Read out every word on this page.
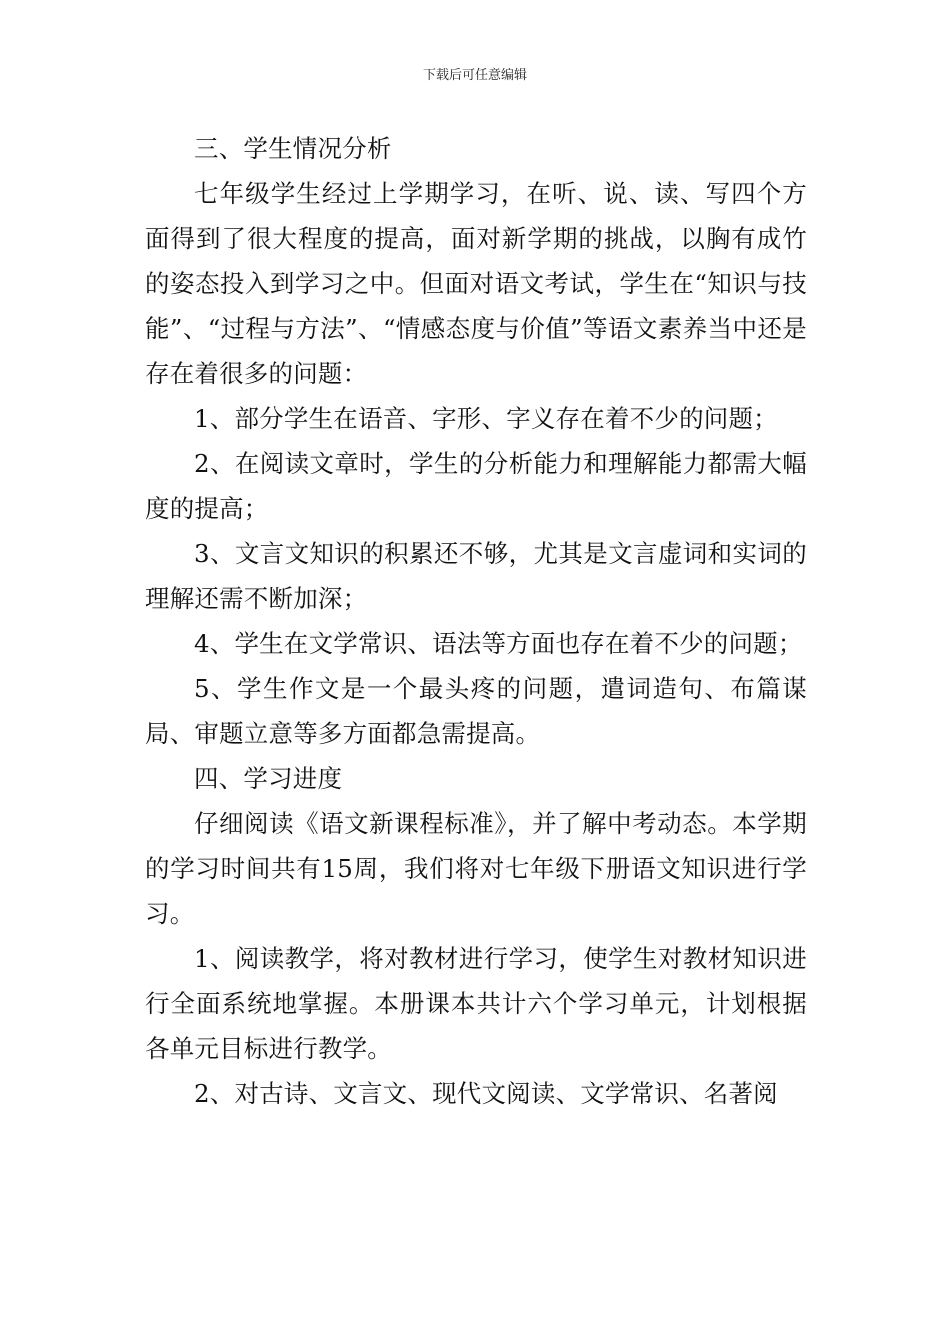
下载后可任意编辑

三、学生情况分析

七年级学生经过上学期学习，在听、说、读、写四个方面得到了很大程度的提高，面对新学期的挑战，以胸有成竹的姿态投入到学习之中。但面对语文考试，学生在“知识与技能”、“过程与方法”、“情感态度与价值”等语文素养当中还是存在着很多的问题：

1、部分学生在语音、字形、字义存在着不少的问题；

2、在阅读文章时，学生的分析能力和理解能力都需大幅度的提高；

3、文言文知识的积累还不够，尤其是文言虚词和实词的理解还需不断加深；

4、学生在文学常识、语法等方面也存在着不少的问题；

5、学生作文是一个最头疼的问题，遣词造句、布篇谋局、审题立意等多方面都急需提高。

四、学习进度

仔细阅读《语文新课程标准》，并了解中考动态。本学期的学习时间共有15周，我们将对七年级下册语文知识进行学习。

1、阅读教学，将对教材进行学习，使学生对教材知识进行全面系统地掌握。本册课本共计六个学习单元，计划根据各单元目标进行教学。

2、对古诗、文言文、现代文阅读、文学常识、名著阅
